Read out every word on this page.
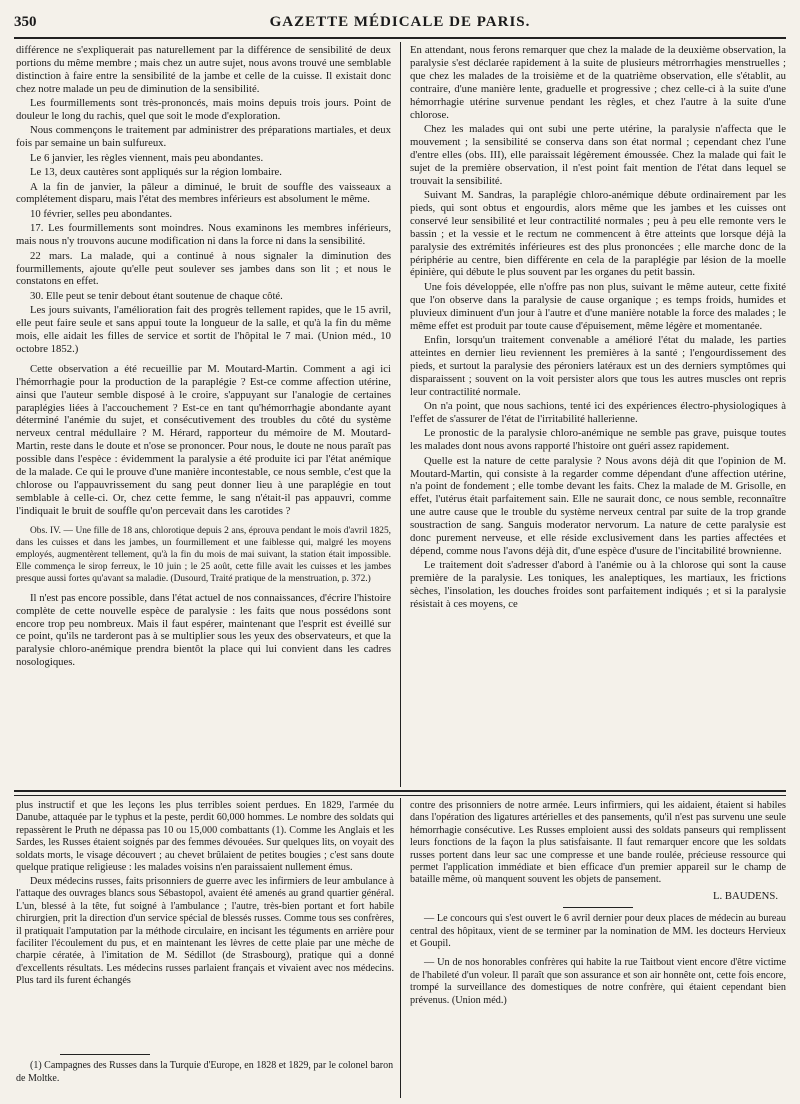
350	GAZETTE MÉDICALE DE PARIS.

différence ne s'expliquerait pas naturellement par la différence de sensibilité de deux portions du même membre ; mais chez un autre sujet, nous avons trouvé une semblable distinction à faire entre la sensibilité de la jambe et celle de la cuisse. Il existait donc chez notre malade un peu de diminution de la sensibilité.

Les fourmillements sont très-prononcés, mais moins depuis trois jours. Point de douleur le long du rachis, quel que soit le mode d'exploration.

Nous commençons le traitement par administrer des préparations martiales, et deux fois par semaine un bain sulfureux.

Le 6 janvier, les règles viennent, mais peu abondantes.

Le 13, deux cautères sont appliqués sur la région lombaire.

A la fin de janvier, la pâleur a diminué, le bruit de souffle des vaisseaux a complétement disparu, mais l'état des membres inférieurs est absolument le même.

10 février, selles peu abondantes.

17. Les fourmillements sont moindres. Nous examinons les membres inférieurs, mais nous n'y trouvons aucune modification ni dans la force ni dans la sensibilité.

22 mars. La malade, qui a continué à nous signaler la diminution des fourmillements, ajoute qu'elle peut soulever ses jambes dans son lit ; et nous le constatons en effet.

30. Elle peut se tenir debout étant soutenue de chaque côté.

Les jours suivants, l'amélioration fait des progrès tellement rapides, que le 15 avril, elle peut faire seule et sans appui toute la longueur de la salle, et qu'à la fin du même mois, elle aidait les filles de service et sortit de l'hôpital le 7 mai. (Union méd., 10 octobre 1852.)

Cette observation a été recueillie par M. Moutard-Martin. Comment a agi ici l'hémorrhagie pour la production de la paraplégie ? Est-ce comme affection utérine, ainsi que l'auteur semble disposé à le croire, s'appuyant sur l'analogie de certaines paraplégies liées à l'accouchement ? Est-ce en tant qu'hémorrhagie abondante ayant déterminé l'anémie du sujet, et consécutivement des troubles du côté du système nerveux central médullaire ? M. Hérard, rapporteur du mémoire de M. Moutard-Martin, reste dans le doute et n'ose se prononcer. Pour nous, le doute ne nous paraît pas possible dans l'espèce : évidemment la paralysie a été produite ici par l'état anémique de la malade. Ce qui le prouve d'une manière incontestable, ce nous semble, c'est que la chlorose ou l'appauvrissement du sang peut donner lieu à une paraplégie en tout semblable à celle-ci. Or, chez cette femme, le sang n'était-il pas appauvri, comme l'indiquait le bruit de souffle qu'on percevait dans les carotides ?

Obs. IV. — Une fille de 18 ans, chlorotique depuis 2 ans, éprouva pendant le mois d'avril 1825, dans les cuisses et dans les jambes, un fourmillement et une faiblesse qui, malgré les moyens employés, augmentèrent tellement, qu'à la fin du mois de mai suivant, la station était impossible. Elle commença le sirop ferreux, le 10 juin ; le 25 août, cette fille avait les cuisses et les jambes presque aussi fortes qu'avant sa maladie. (Dusourd, Traité pratique de la menstruation, p. 372.)

Il n'est pas encore possible, dans l'état actuel de nos connaissances, d'écrire l'histoire complète de cette nouvelle espèce de paralysie : les faits que nous possédons sont encore trop peu nombreux. Mais il faut espérer, maintenant que l'esprit est éveillé sur ce point, qu'ils ne tarderont pas à se multiplier sous les yeux des observateurs, et que la paralysie chloro-anémique prendra bientôt la place qui lui convient dans les cadres nosologiques.

En attendant, nous ferons remarquer que chez la malade de la deuxième observation, la paralysie s'est déclarée rapidement à la suite de plusieurs métrorrhagies menstruelles ; que chez les malades de la troisième et de la quatrième observation, elle s'établit, au contraire, d'une manière lente, graduelle et progressive ; chez celle-ci à la suite d'une hémorrhagie utérine survenue pendant les règles, et chez l'autre à la suite d'une chlorose.

Chez les malades qui ont subi une perte utérine, la paralysie n'affecta que le mouvement ; la sensibilité se conserva dans son état normal ; cependant chez l'une d'entre elles (obs. III), elle paraissait légèrement émoussée. Chez la malade qui fait le sujet de la première observation, il n'est point fait mention de l'état dans lequel se trouvait la sensibilité.

Suivant M. Sandras, la paraplégie chloro-anémique débute ordinairement par les pieds, qui sont obtus et engourdis, alors même que les jambes et les cuisses ont conservé leur sensibilité et leur contractilité normales ; peu à peu elle remonte vers le bassin ; et la vessie et le rectum ne commencent à être atteints que lorsque déjà la paralysie des extrémités inférieures est des plus prononcées ; elle marche donc de la périphérie au centre, bien différente en cela de la paraplégie par lésion de la moelle épinière, qui débute le plus souvent par les organes du petit bassin.

Une fois développée, elle n'offre pas non plus, suivant le même auteur, cette fixité que l'on observe dans la paralysie de cause organique ; es temps froids, humides et pluvieux diminuent d'un jour à l'autre et d'une manière notable la force des malades ; le même effet est produit par toute cause d'épuisement, même légère et momentanée.

Enfin, lorsqu'un traitement convenable a amélioré l'état du malade, les parties atteintes en dernier lieu reviennent les premières à la santé ; l'engourdissement des pieds, et surtout la paralysie des péroniers latéraux est un des derniers symptômes qui disparaissent ; souvent on la voit persister alors que tous les autres muscles ont repris leur contractilité normale.

On n'a point, que nous sachions, tenté ici des expériences électro-physiologiques à l'effet de s'assurer de l'état de l'irritabilité hallerienne.

Le pronostic de la paralysie chloro-anémique ne semble pas grave, puisque toutes les malades dont nous avons rapporté l'histoire ont guéri assez rapidement.

Quelle est la nature de cette paralysie ? Nous avons déjà dit que l'opinion de M. Moutard-Martin, qui consiste à la regarder comme dépendant d'une affection utérine, n'a point de fondement ; elle tombe devant les faits. Chez la malade de M. Grisolle, en effet, l'utérus était parfaitement sain. Elle ne saurait donc, ce nous semble, reconnaître une autre cause que le trouble du système nerveux central par suite de la trop grande soustraction de sang. Sanguis moderator nervorum. La nature de cette paralysie est donc purement nerveuse, et elle réside exclusivement dans les parties affectées et dépend, comme nous l'avons déjà dit, d'une espèce d'usure de l'incitabilité brownienne.

Le traitement doit s'adresser d'abord à l'anémie ou à la chlorose qui sont la cause première de la paralysie. Les toniques, les analeptiques, les martiaux, les frictions sèches, l'insolation, les douches froides sont parfaitement indiqués ; et si la paralysie résistait à ces moyens, ce

plus instructif et que les leçons les plus terribles soient perdues. En 1829, l'armée du Danube, attaquée par le typhus et la peste, perdit 60,000 hommes. Le nombre des soldats qui repassèrent le Pruth ne dépassa pas 10 ou 15,000 combattants (1). Comme les Anglais et les Sardes, les Russes étaient soignés par des femmes dévouées. Sur quelques lits, on voyait des soldats morts, le visage découvert ; au chevet brûlaient de petites bougies ; c'est sans doute quelque pratique religieuse : les malades voisins n'en paraissaient nullement émus.

Deux médecins russes, faits prisonniers de guerre avec les infirmiers de leur ambulance à l'attaque des ouvrages blancs sous Sébastopol, avaient été amenés au grand quartier général. L'un, blessé à la tête, fut soigné à l'ambulance ; l'autre, très-bien portant et fort habile chirurgien, prit la direction d'un service spécial de blessés russes. Comme tous ses confrères, il pratiquait l'amputation par la méthode circulaire, en incisant les téguments en arrière pour faciliter l'écoulement du pus, et en maintenant les lèvres de cette plaie par une mèche de charpie cératée, à l'imitation de M. Sédillot (de Strasbourg), pratique qui a donné d'excellents résultats. Les médecins russes parlaient français et vivaient avec nos médecins. Plus tard ils furent échangés

contre des prisonniers de notre armée. Leurs infirmiers, qui les aidaient, étaient si habiles dans l'opération des ligatures artérielles et des pansements, qu'il n'est pas survenu une seule hémorrhagie consécutive. Les Russes emploient aussi des soldats panseurs qui remplissent leurs fonctions de la façon la plus satisfaisante. Il faut remarquer encore que les soldats russes portent dans leur sac une compresse et une bande roulée, précieuse ressource qui permet l'application immédiate et bien efficace d'un premier appareil sur le champ de bataille même, où manquent souvent les objets de pansement.

L. BAUDENS.

— Le concours qui s'est ouvert le 6 avril dernier pour deux places de médecin au bureau central des hôpitaux, vient de se terminer par la nomination de MM. les docteurs Hervieux et Goupil.

— Un de nos honorables confrères qui habite la rue Taitbout vient encore d'être victime de l'habileté d'un voleur. Il paraît que son assurance et son air honnête ont, cette fois encore, trompé la surveillance des domestiques de notre confrère, qui étaient cependant bien prévenus. (Union méd.)

(1) Campagnes des Russes dans la Turquie d'Europe, en 1828 et 1829, par le colonel baron de Moltke.
